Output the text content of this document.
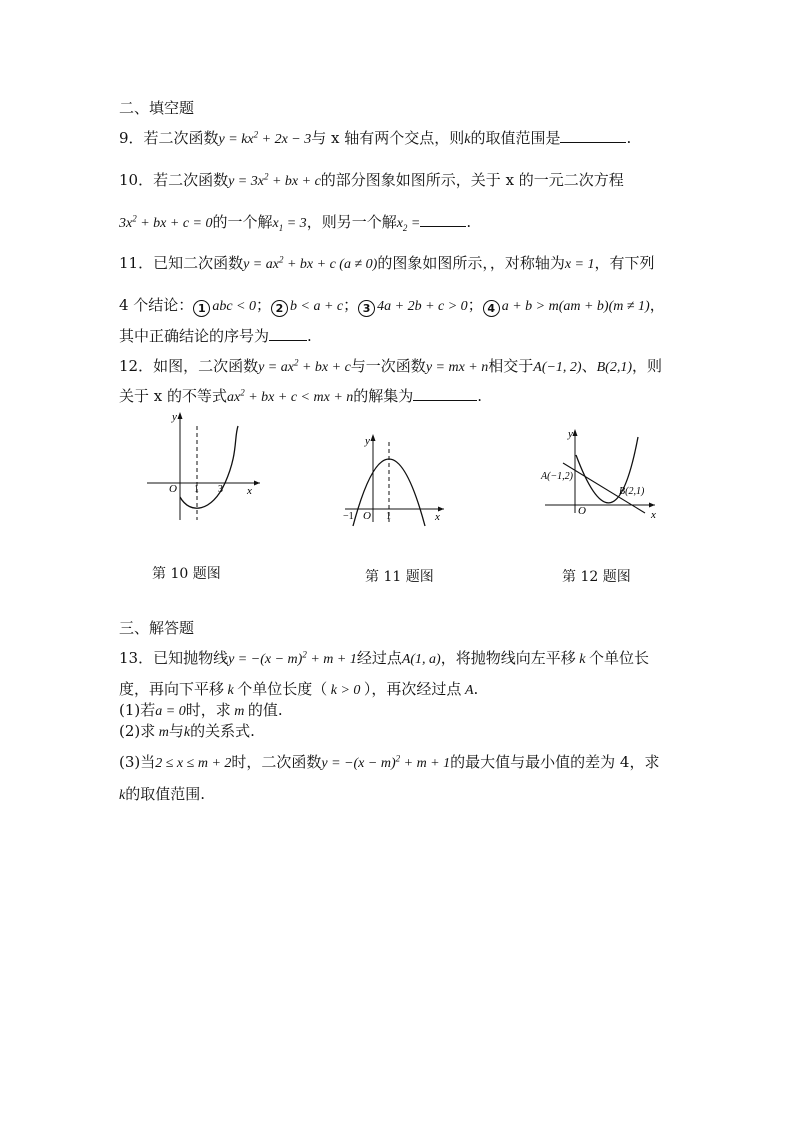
二、填空题
9．若二次函数$y = kx^2 + 2x - 3$与 x 轴有两个交点，则k的取值范围是	.
10．若二次函数$y = 3x^2$ + bx + c的部分图象如图所示，关于 x 的一元二次方程
$3x^2$ + bx + c = 0的一个解$x_1 = 3$，则另一个解$x_2$ =	.
11．已知二次函数$y = ax^2$ + bx + c (a ≠ 0)的图象如图所示，，对称轴为x = 1，有下列
4 个结论： 1 abc < 0； 2 b < a + c； 3 4a + 2b + c > 0； 4 a + b > m(am + b)(m ≠ 1)，
其中正确结论的序号为	.
12．如图，二次函数$y = ax^2$ + bx + c与一次函数y = mx + n相交于A(−1, 2)、B(2,1)，则
关于 x 的不等式$ax^2$ + bx + c < mx + n的解集为	.
y
x
O 1 3
y
x
O
−1	1
y
x
O
A(−1,2)
B(2,1)
第 10 题图	第 11 题图	第 12 题图
三、解答题
13．已知抛物线$y = -(x - m)^2 + m + 1$经过点A(1, a)，将抛物线向左平移 k 个单位长
度，再向下平移 k 个单位长度（ k > 0 ），再次经过点 A.
(1)若a = 0时，求 m 的值.
(2)求 m与k的关系式.
(3)当2 ≤ x ≤ m + 2时，二次函数$y = -(x - m)^2 + m + 1$的最大值与最小值的差为 4，求
k的取值范围.
